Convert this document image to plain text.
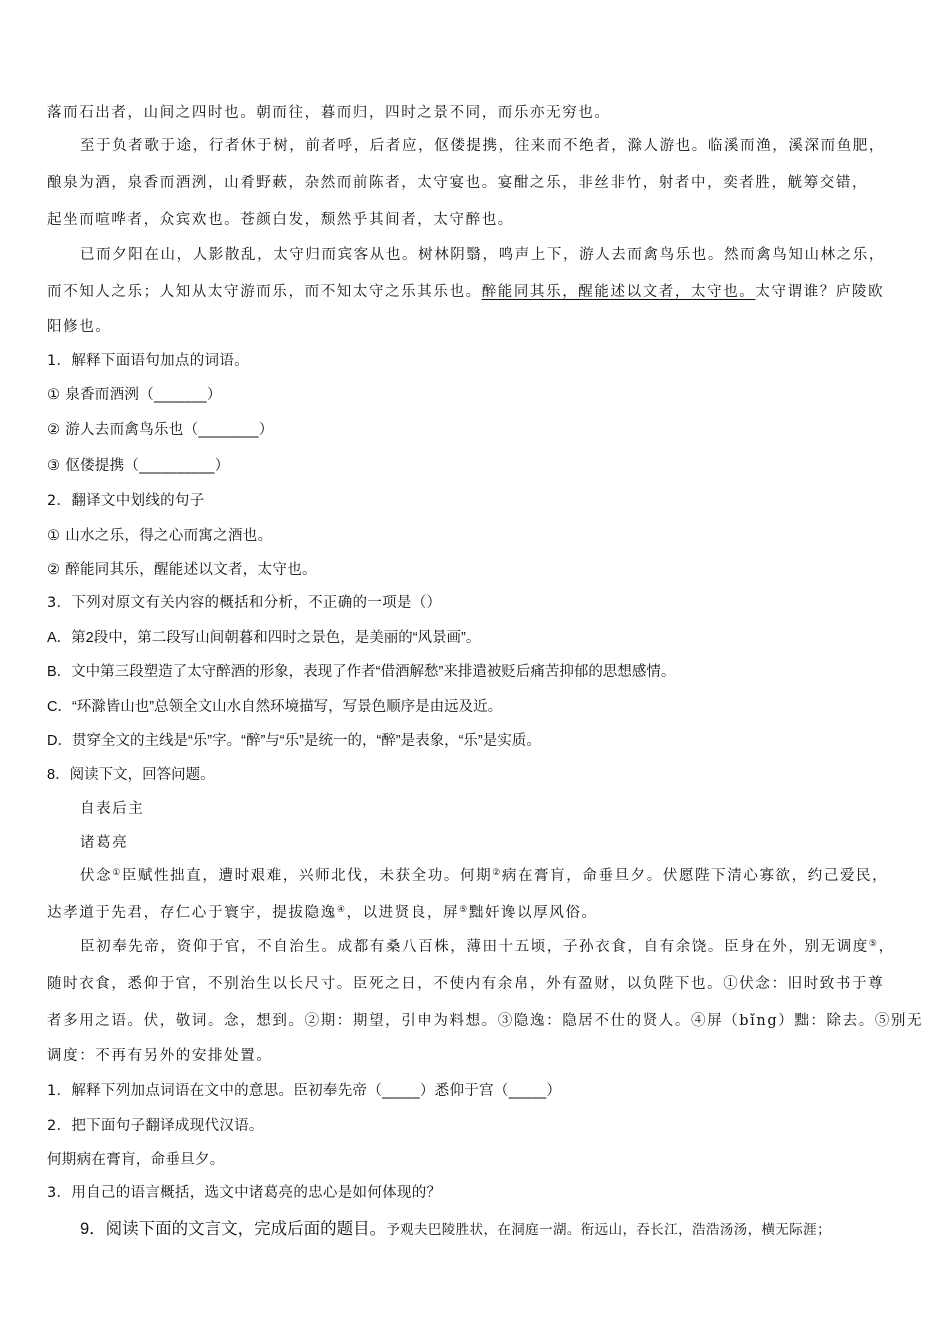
落而石出者，山间之四时也。朝而往，暮而归，四时之景不同，而乐亦无穷也。
至于负者歌于途，行者休于树，前者呼，后者应，伛偻提携，往来而不绝者，滁人游也。临溪而渔，溪深而鱼肥，
酿泉为酒，泉香而酒洌，山肴野蔌，杂然而前陈者，太守宴也。宴酣之乐，非丝非竹，射者中，奕者胜，觥筹交错，
起坐而喧哗者，众宾欢也。苍颜白发，颓然乎其间者，太守醉也。
已而夕阳在山，人影散乱，太守归而宾客从也。树林阴翳，鸣声上下，游人去而禽鸟乐也。然而禽鸟知山林之乐，
而不知人之乐；人知从太守游而乐，而不知太守之乐其乐也。醉能同其乐，醒能述以文者，太守也。太守谓谁？庐陵欧
阳修也。
1．解释下面语句加点的词语。
① 泉香而酒洌（_______）
② 游人去而禽鸟乐也（________）
③ 伛偻提携（__________）
2．翻译文中划线的句子
① 山水之乐，得之心而寓之酒也。
② 醉能同其乐，醒能述以文者，太守也。
3．下列对原文有关内容的概括和分析，不正确的一项是（）
A．第2段中，第二段写山间朝暮和四时之景色，是美丽的“风景画”。
B．文中第三段塑造了太守醉酒的形象，表现了作者“借酒解愁”来排遣被贬后痛苦抑郁的思想感情。
C．“环滁皆山也”总领全文山水自然环境描写，写景色顺序是由远及近。
D．贯穿全文的主线是“乐”字。“醉”与“乐”是统一的，“醉”是表象，“乐”是实质。
8．阅读下文，回答问题。
自表后主
诸葛亮
伏念①臣赋性拙直，遭时艰难，兴师北伐，未获全功。何期②病在膏肓，命垂旦夕。伏愿陛下清心寡欲，约己爱民，
达孝道于先君，存仁心于寰宇，提拔隐逸④，以进贤良，屏⑤黜奸谗以厚风俗。
臣初奉先帝，资仰于官，不自治生。成都有桑八百株，薄田十五顷，子孙衣食，自有余饶。臣身在外，别无调度⑤，
随时衣食，悉仰于官，不别治生以长尺寸。臣死之日，不使内有余帛，外有盈财，以负陛下也。①伏念：旧时致书于尊
者多用之语。伏，敬词。念，想到。②期：期望，引申为料想。③隐逸：隐居不仕的贤人。④屏（bǐng）黜：除去。⑤别无
调度：不再有另外的安排处置。
1．解释下列加点词语在文中的意思。臣初奉先帝（_____）悉仰于宫（_____）
2．把下面句子翻译成现代汉语。
何期病在膏肓，命垂旦夕。
3．用自己的语言概括，选文中诸葛亮的忠心是如何体现的？
9．阅读下面的文言文，完成后面的题目。予观夫巴陵胜状，在洞庭一湖。衔远山，吞长江，浩浩汤汤，横无际涯；
